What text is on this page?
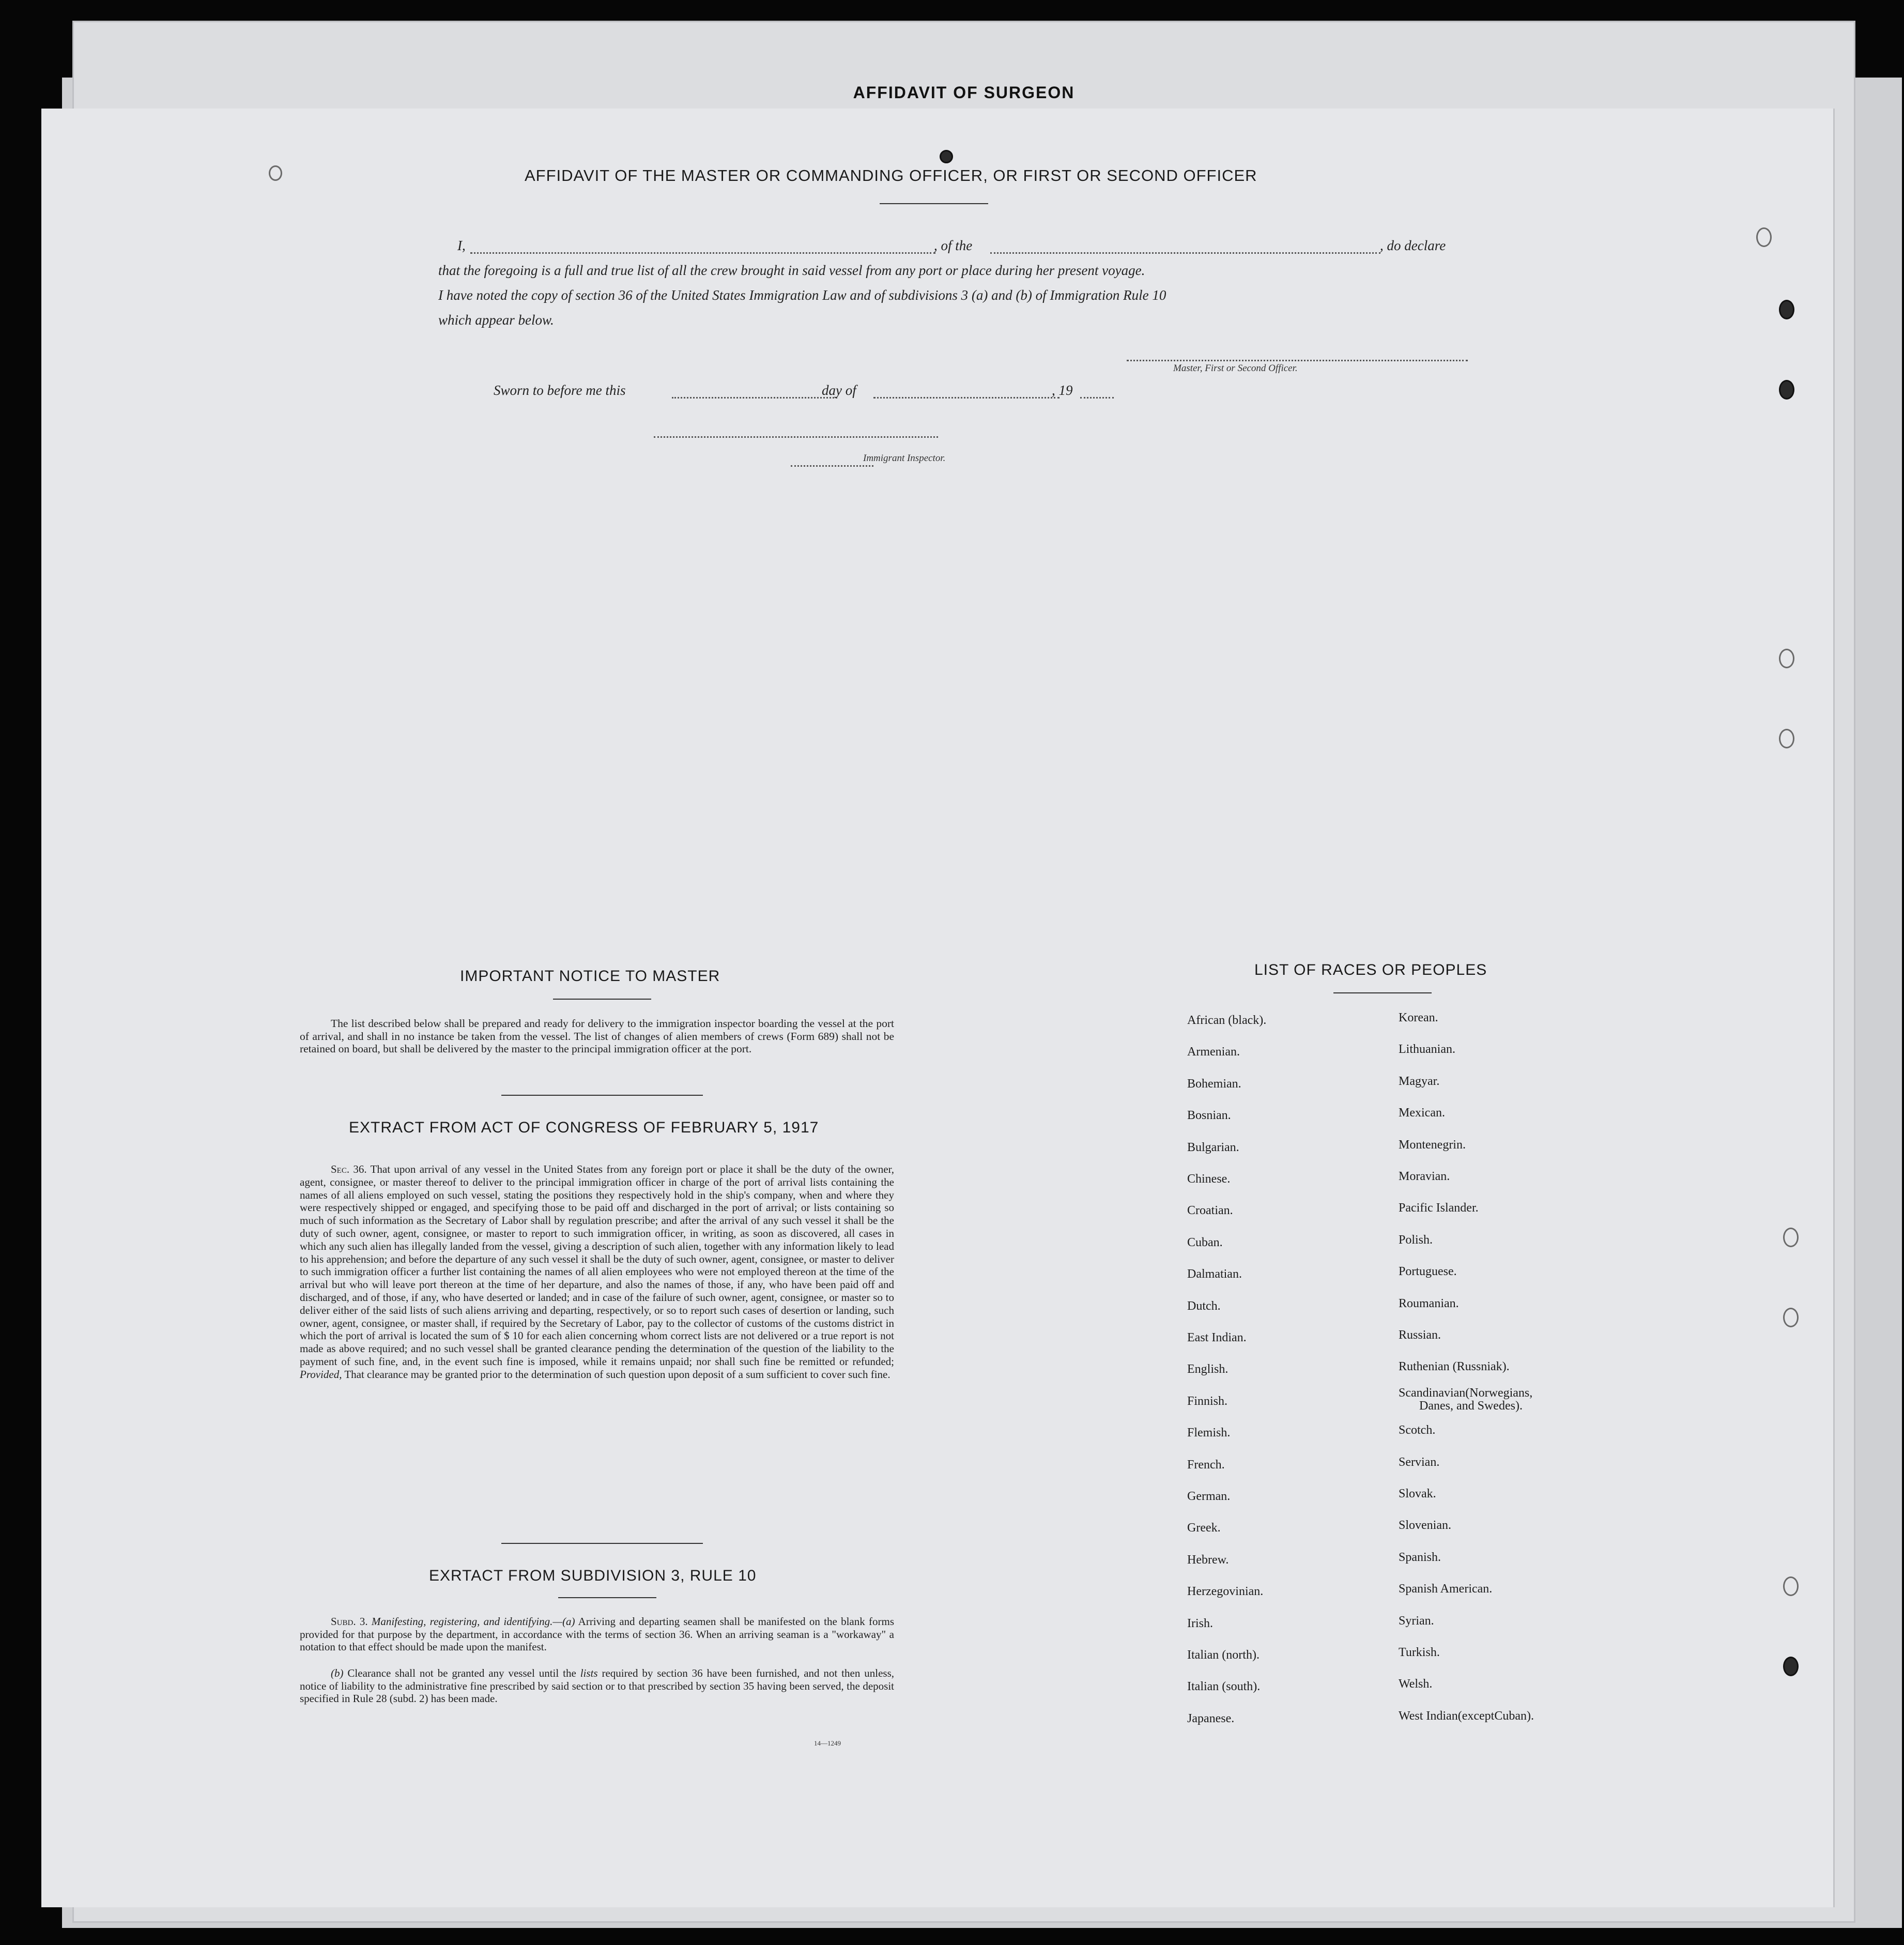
AFFIDAVIT OF SURGEON
AFFIDAVIT OF THE MASTER OR COMMANDING OFFICER, OR FIRST OR SECOND OFFICER
I,	, of the	, do declare
that the foregoing is a full and true list of all the crew brought in said vessel from any port or place during her present voyage.
I have noted the copy of section 36 of the United States Immigration Law and of subdivisions 3 (a) and (b) of Immigration Rule 10
which appear below.
Master, First or Second Officer.
Sworn to before me this	day of	, 19
Immigrant Inspector.
IMPORTANT NOTICE TO MASTER

The list described below shall be prepared and ready for delivery to the immigration inspector boarding the vessel at the port of arrival, and shall in no instance be taken from the vessel. The list of changes of alien members of crews (Form 689) shall not be retained on board, but shall be delivered by the master to the principal immigration officer at the port.

EXTRACT FROM ACT OF CONGRESS OF FEBRUARY 5, 1917

Sec. 36. That upon arrival of any vessel in the United States from any foreign port or place it shall be the duty of the owner, agent, consignee, or master thereof to deliver to the principal immigration officer in charge of the port of arrival lists containing the names of all aliens employed on such vessel, stating the positions they respectively hold in the ship's company, when and where they were respectively shipped or engaged, and specifying those to be paid off and discharged in the port of arrival; or lists containing so much of such information as the Secretary of Labor shall by regulation prescribe; and after the arrival of any such vessel it shall be the duty of such owner, agent, consignee, or master to report to such immigration officer, in writing, as soon as discovered, all cases in which any such alien has illegally landed from the vessel, giving a description of such alien, together with any information likely to lead to his apprehension; and before the departure of any such vessel it shall be the duty of such owner, agent, consignee, or master to deliver to such immigration officer a further list containing the names of all alien employees who were not employed thereon at the time of the arrival but who will leave port thereon at the time of her departure, and also the names of those, if any, who have been paid off and discharged, and of those, if any, who have deserted or landed; and in case of the failure of such owner, agent, consignee, or master so to deliver either of the said lists of such aliens arriving and departing, respectively, or so to report such cases of desertion or landing, such owner, agent, consignee, or master shall, if required by the Secretary of Labor, pay to the collector of customs of the customs district in which the port of arrival is located the sum of $ 10 for each alien concerning whom correct lists are not delivered or a true report is not made as above required; and no such vessel shall be granted clearance pending the determination of the question of the liability to the payment of such fine, and, in the event such fine is imposed, while it remains unpaid; nor shall such fine be remitted or refunded; Provided, That clearance may be granted prior to the determination of such question upon deposit of a sum sufficient to cover such fine.

EXRTACT FROM SUBDIVISION 3, RULE 10

Subd. 3. Manifesting, registering, and identifying.—(a) Arriving and departing seamen shall be manifested on the blank forms provided for that purpose by the department, in accordance with the terms of section 36. When an arriving seaman is a "workaway" a notation to that effect should be made upon the manifest.

(b) Clearance shall not be granted any vessel until the lists required by section 36 have been furnished, and not then unless, notice of liability to the administrative fine prescribed by said section or to that prescribed by section 35 having been served, the deposit specified in Rule 28 (subd. 2) has been made.

14—1249
LIST OF RACES OR PEOPLES
African (black).
Armenian.
Bohemian.
Bosnian.
Bulgarian.
Chinese.
Croatian.
Cuban.
Dalmatian.
Dutch.
East Indian.
English.
Finnish.
Flemish.
French.
German.
Greek.
Hebrew.
Herzegovinian.
Irish.
Italian (north).
Italian (south).
Japanese.
Korean.
Lithuanian.
Magyar.
Mexican.
Montenegrin.
Moravian.
Pacific Islander.
Polish.
Portuguese.
Roumanian.
Russian.
Ruthenian (Russniak).
Scandinavian(Norwegians,
Danes, and Swedes).
Scotch.
Servian.
Slovak.
Slovenian.
Spanish.
Spanish American.
Syrian.
Turkish.
Welsh.
West Indian(exceptCuban).
